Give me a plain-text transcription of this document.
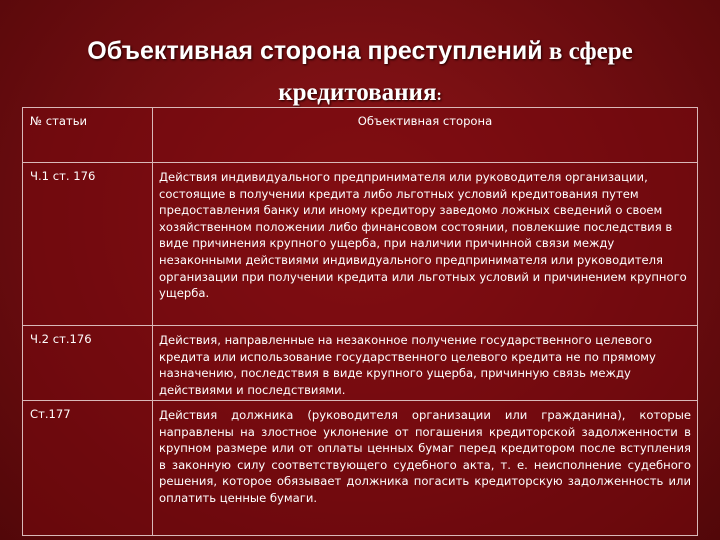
Объективная сторона преступлений в сфере
кредитования:
№ статьи	Объективная сторона
Ч.1 ст. 176	Действия индивидуального предпринимателя или руководителя организации, состоящие в получении кредита либо льготных условий кредитования путем предоставления банку или иному кредитору заведомо ложных сведений о своем хозяйственном положении либо финансовом состоянии, повлекшие последствия в виде причинения крупного ущерба, при наличии причинной связи между незаконными действиями индивидуального предпринимателя или руководителя организации при получении кредита или льготных условий и причинением крупного ущерба.
Ч.2 ст.176	Действия, направленные на незаконное получение государственного целевого кредита или использование государственного целевого кредита не по прямому назначению, последствия в виде крупного ущерба, причинную связь между действиями и последствиями.
Ст.177	Действия должника (руководителя организации или гражданина), которые направлены на злостное уклонение от погашения кредиторской задолженности в крупном размере или от оплаты ценных бумаг перед кредитором после вступления в законную силу соответствующего судебного акта, т. е. неисполнение судебного решения, которое обязывает должника погасить кредиторскую задолженность или оплатить ценные бумаги.
